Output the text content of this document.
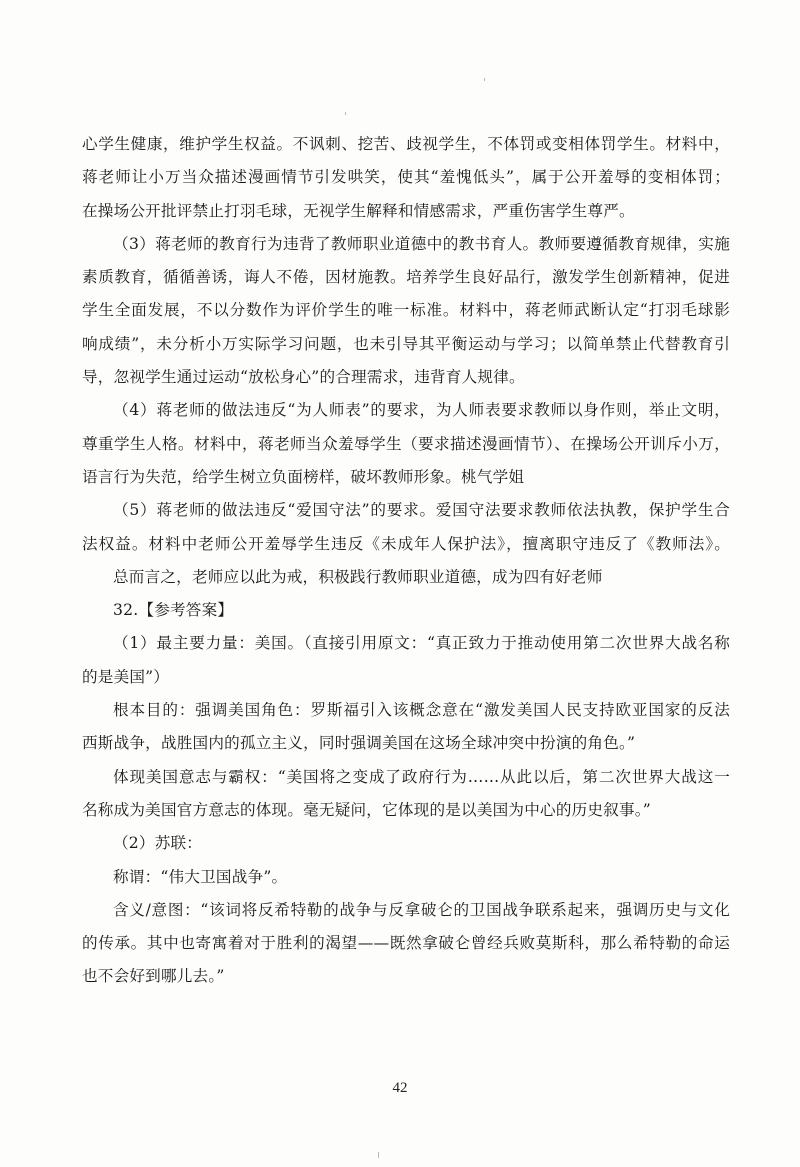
心学生健康，维护学生权益。不讽刺、挖苦、歧视学生，不体罚或变相体罚学生。材料中，
蒋老师让小万当众描述漫画情节引发哄笑，使其“羞愧低头”，属于公开羞辱的变相体罚；
在操场公开批评禁止打羽毛球，无视学生解释和情感需求，严重伤害学生尊严。
（3）蒋老师的教育行为违背了教师职业道德中的教书育人。教师要遵循教育规律，实施
素质教育，循循善诱，诲人不倦，因材施教。培养学生良好品行，激发学生创新精神，促进
学生全面发展，不以分数作为评价学生的唯一标准。材料中，蒋老师武断认定“打羽毛球影
响成绩”，未分析小万实际学习问题，也未引导其平衡运动与学习；以简单禁止代替教育引
导，忽视学生通过运动“放松身心”的合理需求，违背育人规律。
（4）蒋老师的做法违反“为人师表”的要求，为人师表要求教师以身作则，举止文明，
尊重学生人格。材料中，蒋老师当众羞辱学生（要求描述漫画情节）、在操场公开训斥小万，
语言行为失范，给学生树立负面榜样，破坏教师形象。桃气学姐
（5）蒋老师的做法违反“爱国守法”的要求。爱国守法要求教师依法执教，保护学生合
法权益。材料中老师公开羞辱学生违反《未成年人保护法》，擅离职守违反了《教师法》。
总而言之，老师应以此为戒，积极践行教师职业道德，成为四有好老师
32.【参考答案】
（1）最主要力量：美国。（直接引用原文：“真正致力于推动使用第二次世界大战名称
的是美国”）
根本目的：强调美国角色：罗斯福引入该概念意在“激发美国人民支持欧亚国家的反法
西斯战争，战胜国内的孤立主义，同时强调美国在这场全球冲突中扮演的角色。”
体现美国意志与霸权：“美国将之变成了政府行为……从此以后，第二次世界大战这一
名称成为美国官方意志的体现。毫无疑问，它体现的是以美国为中心的历史叙事。”
（2）苏联：
称谓：“伟大卫国战争”。
含义/意图：“该词将反希特勒的战争与反拿破仑的卫国战争联系起来，强调历史与文化
的传承。其中也寄寓着对于胜利的渴望——既然拿破仑曾经兵败莫斯科，那么希特勒的命运
也不会好到哪儿去。”
42
